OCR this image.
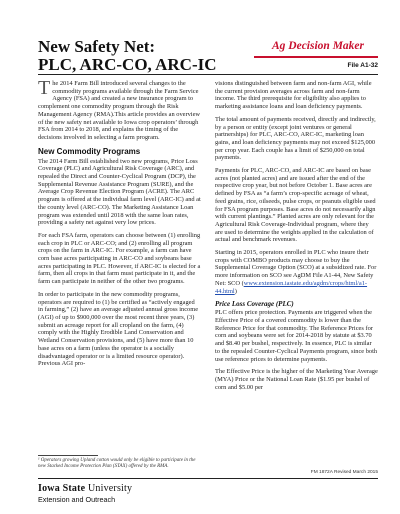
New Safety Net:
PLC, ARC-CO, ARC-IC
Ag Decision Maker
File A1-32

The 2014 Farm Bill introduced several changes to the commodity programs available through the Farm Service Agency (FSA) and created a new insurance program to complement one commodity program through the Risk Management Agency (RMA).This article provides an overview of the new safety net available to Iowa crop operators’ through FSA from 2014 to 2018, and explains the timing of the decisions involved in selecting a farm program.

New Commodity Programs

The 2014 Farm Bill established two new programs, Price Loss Coverage (PLC) and Agricultural Risk Coverage (ARC), and repealed the Direct and Counter-Cyclical Program (DCP), the Supplemental Revenue Assistance Program (SURE), and the Average Crop Revenue Election Program (ACRE). The ARC program is offered at the individual farm level (ARC-IC) and at the county level (ARC-CO). The Marketing Assistance Loan program was extended until 2018 with the same loan rates, providing a safety net against very low prices.

For each FSA farm, operators can choose between (1) enrolling each crop in PLC or ARC-CO; and (2) enrolling all program crops on the farm in ARC-IC. For example, a farm can have corn base acres participating in ARC-CO and soybeans base acres participating in PLC. However, if ARC-IC is elected for a farm, then all crops in that farm must participate in it, and the farm can participate in neither of the other two programs.

In order to participate in the new commodity programs, operators are required to (1) be certified as “actively engaged in farming,” (2) have an average adjusted annual gross income (AGI) of up to $900,000 over the most recent three years, (3) submit an acreage report for all cropland on the farm, (4) comply with the Highly Erodible Land Conservation and Wetland Conservation provisions, and (5) have more than 10 base acres on a farm (unless the operator is a socially disadvantaged operator or is a limited resource operator). Previous AGI pro-

¹ Operators growing Upland cotton would only be eligible to participate in the new Stacked Income Protection Plan (STAX) offered by the RMA.

visions distinguished between farm and non-farm AGI, while the current provision averages across farm and non-farm income. The third prerequisite for eligibility also applies to marketing assistance loans and loan deficiency payments.

The total amount of payments received, directly and indirectly, by a person or entity (except joint ventures or general partnerships) for PLC, ARC-CO, ARC-IC, marketing loan gains, and loan deficiency payments may not exceed $125,000 per crop year. Each couple has a limit of $250,000 on total payments.

Payments for PLC, ARC-CO, and ARC-IC are based on base acres (not planted acres) and are issued after the end of the respective crop year, but not before October 1. Base acres are defined by FSA as “a farm’s crop-specific acreage of wheat, feed grains, rice, oilseeds, pulse crops, or peanuts eligible used for FSA program purposes. Base acres do not necessarily align with current plantings.” Planted acres are only relevant for the Agricultural Risk Coverage-Individual program, where they are used to determine the weights applied in the calculation of actual and benchmark revenues.

Starting in 2015, operators enrolled in PLC who insure their crops with COMBO products may choose to buy the Supplemental Coverage Option (SCO) at a subsidized rate. For more information on SCO see AgDM File A1-44, New Safety Net: SCO (www.extension.iastate.edu/agdm/crops/html/a1-44.html)

Price Loss Coverage (PLC)

PLC offers price protection. Payments are triggered when the Effective Price of a covered commodity is lower than the Reference Price for that commodity. The Reference Prices for corn and soybeans were set for 2014-2018 by statute at $3.70 and $8.40 per bushel, respectively. In essence, PLC is similar to the repealed Counter-Cyclical Payments program, since both use reference prices to determine payments.

The Effective Price is the higher of the Marketing Year Average (MYA) Price or the National Loan Rate ($1.95 per bushel of corn and $5.00 per

FM 1872A Revised March 2015
Iowa State University
Extension and Outreach
